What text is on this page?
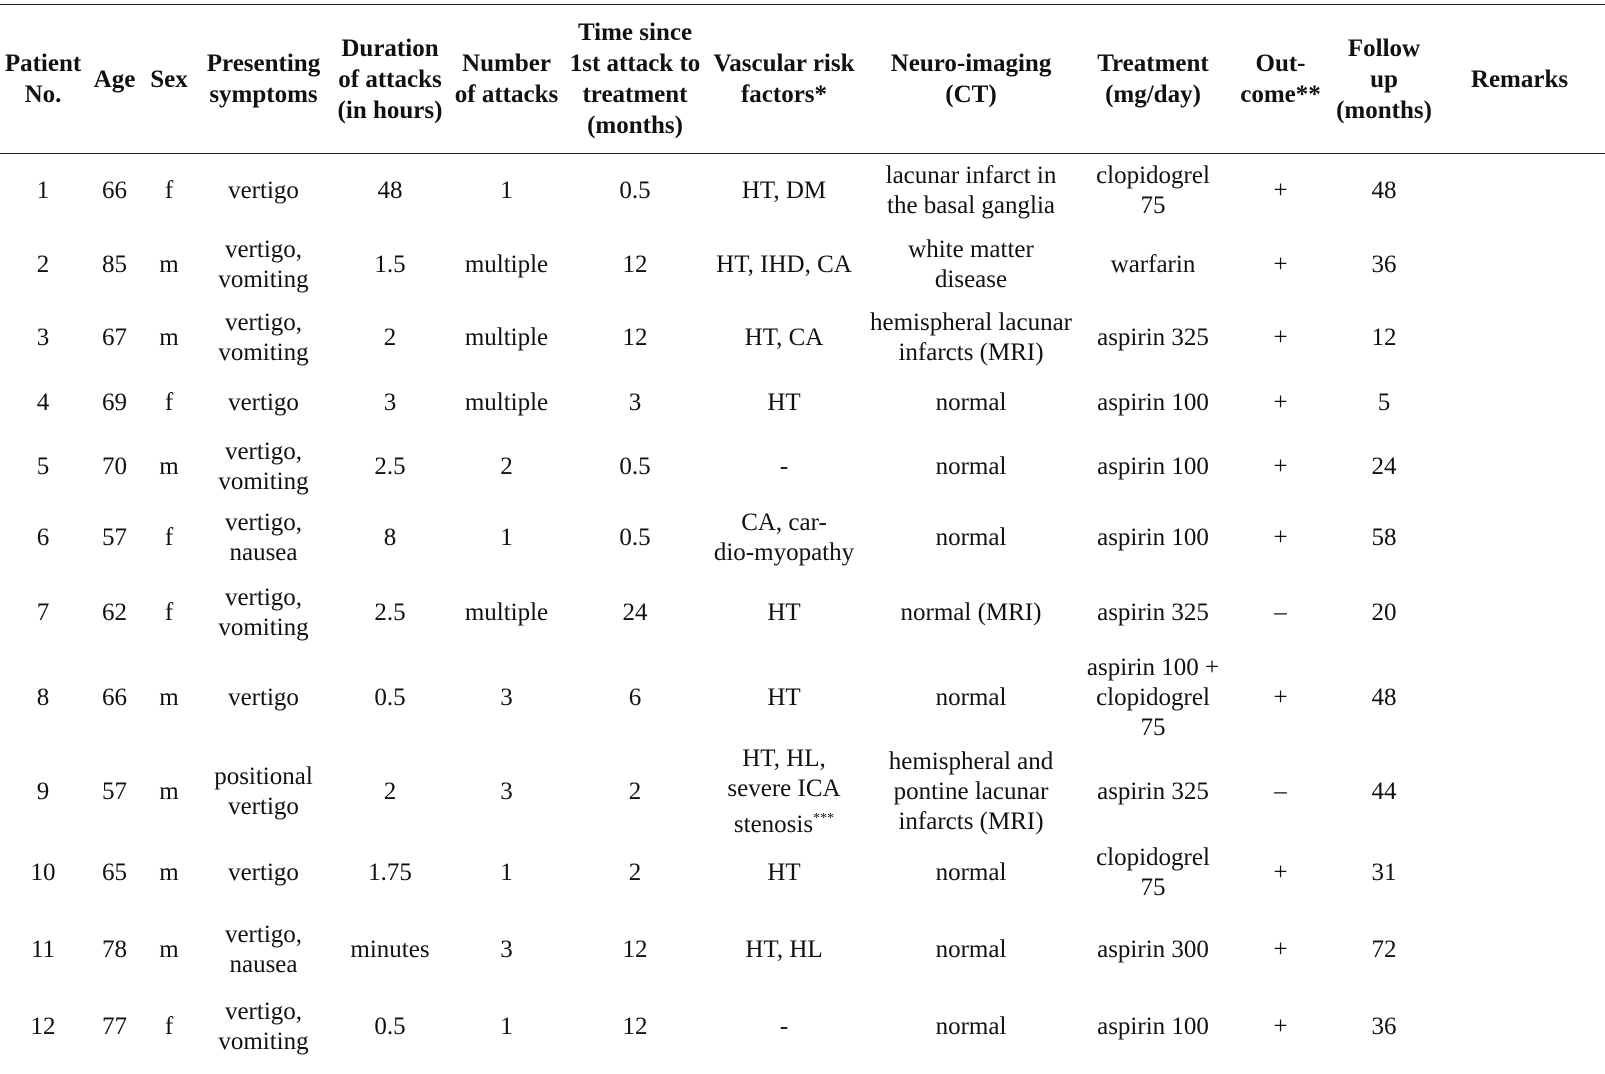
Patient
No.	Age	Sex	Presenting
symptoms	Duration
of attacks
(in hours)	Number
of attacks	Time since
1st attack to
treatment
(months)	Vascular risk
factors*	Neuro-imaging
(CT)	Treatment
(mg/day)	Out-
come**	Follow
up
(months)	Remarks

1	66	f	vertigo	48	1	0.5	HT, DM	lacunar infarct in
the basal ganglia	clopidogrel
75	+	48	
2	85	m	vertigo,
vomiting	1.5	multiple	12	HT, IHD, CA	white matter
disease	warfarin	+	36	
3	67	m	vertigo,
vomiting	2	multiple	12	HT, CA	hemispheral lacunar
infarcts (MRI)	aspirin 325	+	12	
4	69	f	vertigo	3	multiple	3	HT	normal	aspirin 100	+	5	
5	70	m	vertigo,
vomiting	2.5	2	0.5	-	normal	aspirin 100	+	24	
6	57	f	vertigo,
nausea	8	1	0.5	CA, car-
dio-myopathy	normal	aspirin 100	+	58	
7	62	f	vertigo,
vomiting	2.5	multiple	24	HT	normal (MRI)	aspirin 325	–	20	
8	66	m	vertigo	0.5	3	6	HT	normal	aspirin 100 +
clopidogrel
75	+	48	
9	57	m	positional
vertigo	2	3	2	HT, HL,
severe ICA
stenosis***	hemispheral and
pontine lacunar
infarcts (MRI)	aspirin 325	–	44	
10	65	m	vertigo	1.75	1	2	HT	normal	clopidogrel
75	+	31	
11	78	m	vertigo,
nausea	minutes	3	12	HT, HL	normal	aspirin 300	+	72	
12	77	f	vertigo,
vomiting	0.5	1	12	-	normal	aspirin 100	+	36	
